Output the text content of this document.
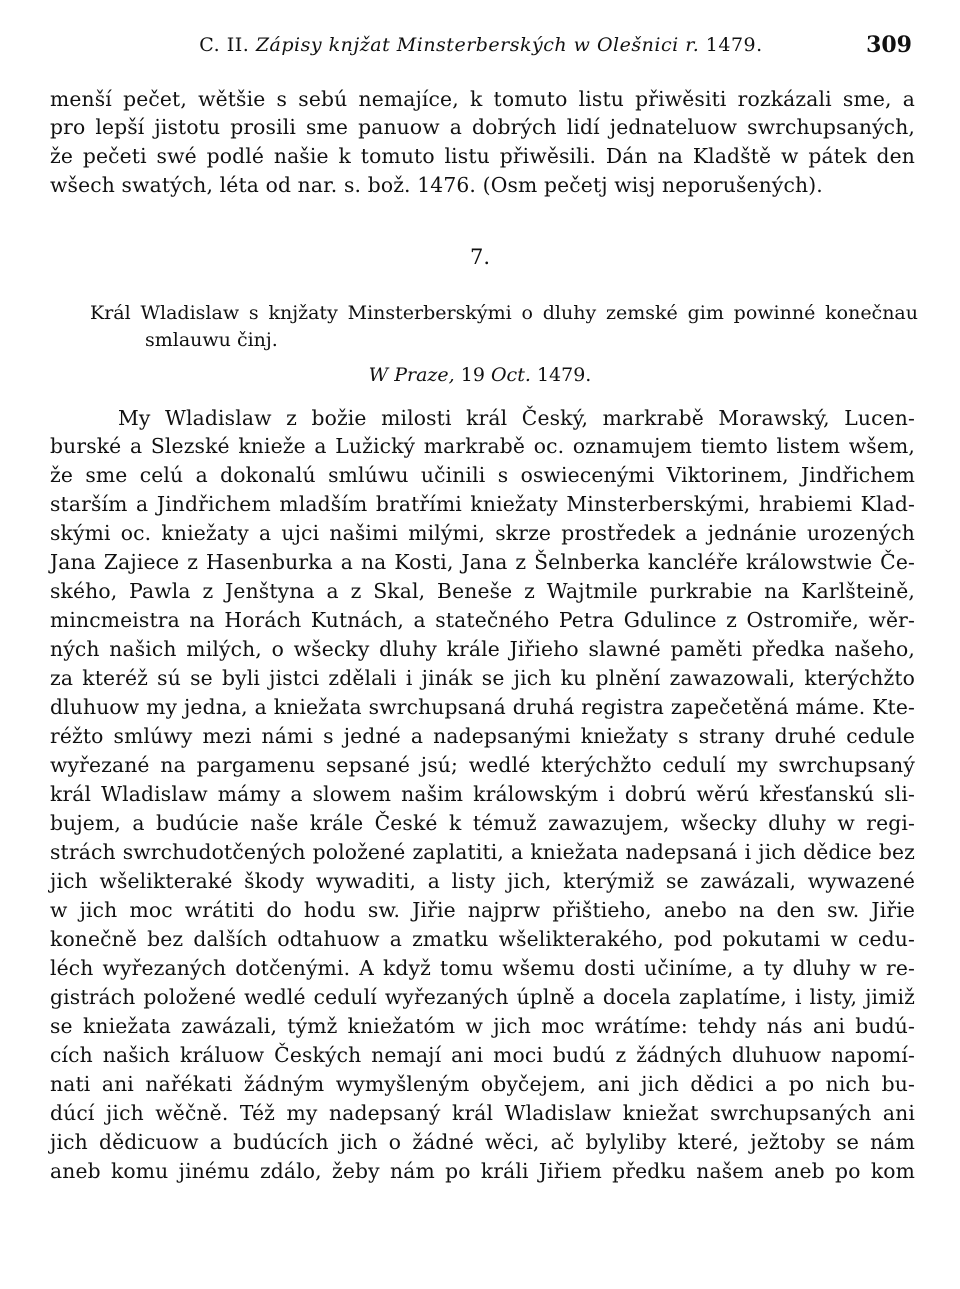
C. II. Zápisy knjžat Minsterberských w Olešnici r. 1479.	309
menší pečet, wětšie s sebú nemajíce, k tomuto listu přiwěsiti rozkázali sme, a
pro lepší jistotu prosili sme panuow a dobrých lidí jednateluow swrchupsaných,
že pečeti swé podlé našie k tomuto listu přiwěsili. Dán na Kladště w pátek den
wšech swatých, léta od nar. s. bož. 1476. (Osm pečetj wisj neporušených).
7.
Král Wladislaw s knjžaty Minsterberskými o dluhy zemské gim powinné konečnau
smlauwu činj.
W Praze, 19 Oct. 1479.
My Wladislaw z božie milosti král Český, markrabě Morawský, Lucen-
burské a Slezské knieže a Lužický markrabě oc. oznamujem tiemto listem wšem,
že sme celú a dokonalú smlúwu učinili s oswiecenými Viktorinem, Jindřichem
starším a Jindřichem mladším bratřími kniežaty Minsterberskými, hrabiemi Klad-
skými oc. kniežaty a ujci našimi milými, skrze prostředek a jednánie urozených
Jana Zajiece z Hasenburka a na Kosti, Jana z Šelnberka kancléře králowstwie Če-
ského, Pawla z Jenštyna a z Skal, Beneše z Wajtmile purkrabie na Karlšteině,
mincmeistra na Horách Kutnách, a statečného Petra Gdulince z Ostromiře, wěr-
ných našich milých, o wšecky dluhy krále Jiřieho slawné paměti předka našeho,
za kteréž sú se byli jistci zdělali i jinák se jich ku plnění zawazowali, kterýchžto
dluhuow my jedna, a kniežata swrchupsaná druhá registra zapečetěná máme. Kte-
réžto smlúwy mezi námi s jedné a nadepsanými kniežaty s strany druhé cedule
wyřezané na pargamenu sepsané jsú; wedlé kterýchžto cedulí my swrchupsaný
král Wladislaw mámy a slowem našim králowským i dobrú wěrú křesťanskú sli-
bujem, a budúcie naše krále České k témuž zawazujem, wšecky dluhy w regi-
strách swrchudotčených položené zaplatiti, a kniežata nadepsaná i jich dědice bez
jich wšelikteraké škody wywaditi, a listy jich, kterýmiž se zawázali, wywazené
w jich moc wrátiti do hodu sw. Jiřie najprw přištieho, anebo na den sw. Jiřie
konečně bez dalších odtahuow a zmatku wšelikterakého, pod pokutami w cedu-
léch wyřezaných dotčenými. A když tomu wšemu dosti učiníme, a ty dluhy w re-
gistrách položené wedlé cedulí wyřezaných úplně a docela zaplatíme, i listy, jimiž
se kniežata zawázali, týmž kniežatóm w jich moc wrátíme: tehdy nás ani budú-
cích našich králuow Českých nemají ani moci budú z žádných dluhuow napomí-
nati ani nařékati žádným wymyšleným obyčejem, ani jich dědici a po nich bu-
dúcí jich wěčně. Též my nadepsaný král Wladislaw kniežat swrchupsaných ani
jich dědicuow a budúcích jich o žádné wěci, ač bylyliby které, ježtoby se nám
aneb komu jinému zdálo, žeby nám po králi Jiřiem předku našem aneb po kom
